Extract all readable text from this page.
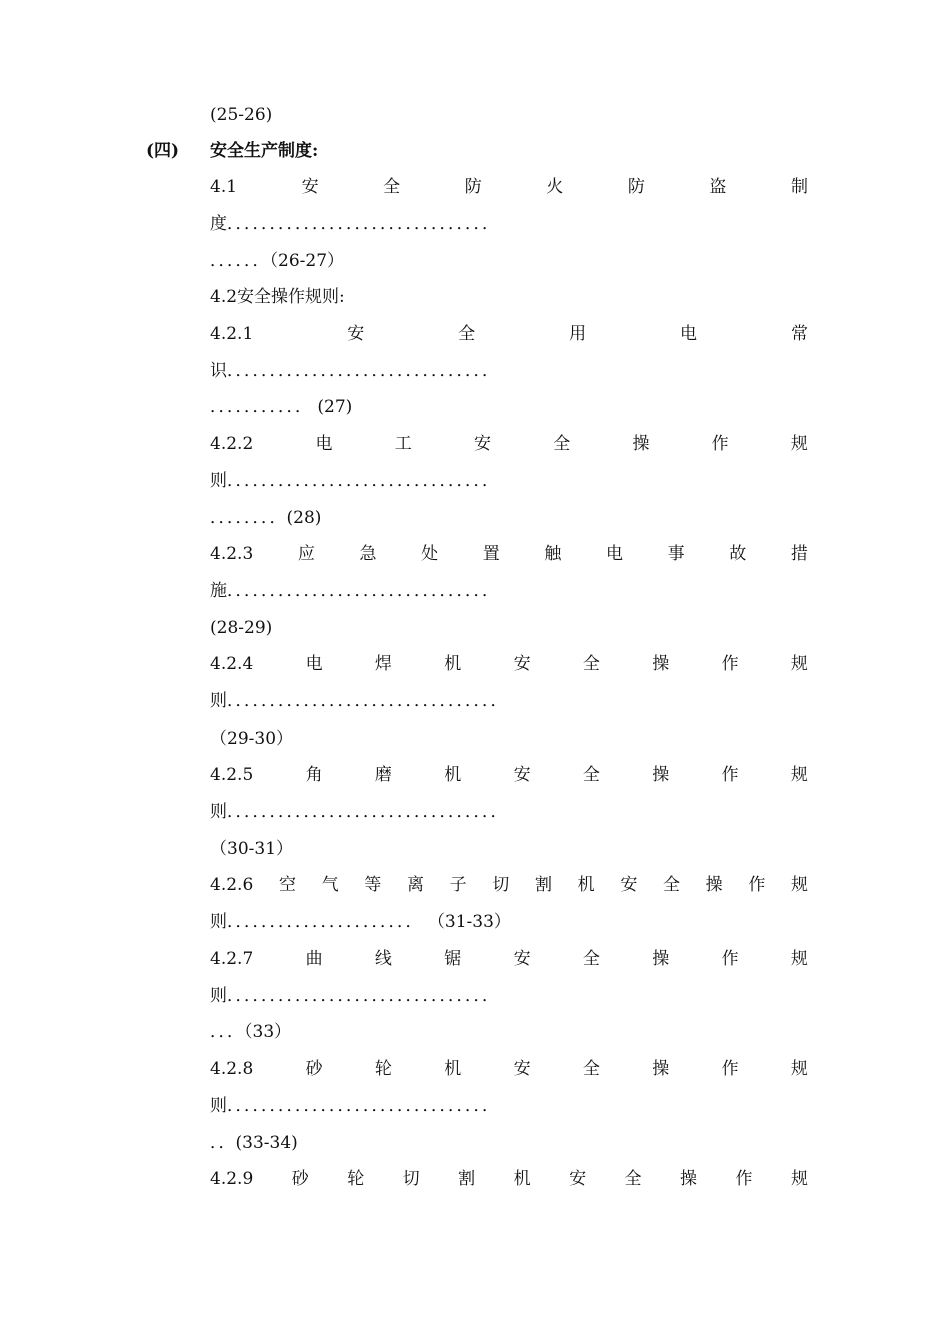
(25-26)
(四) 安全生产制度:
4.1	安	全	防	火	防	盗	制
度．．．．．．．．．．．．．．．．．．．．．．．．．．．．．．．
．．．．．．（26-27）
4.2安全操作规则:
4.2.1	安	全	用	电	常
识．．．．．．．．．．．．．．．．．．．．．．．．．．．．．．．
．．．．．．．．．．． (27)
4.2.2	电	工	安	全	操	作	规
则．．．．．．．．．．．．．．．．．．．．．．．．．．．．．．．
．．．．．．．．(28)
4.2.3	应	急	处	置	触	电	事	故	措
施．．．．．．．．．．．．．．．．．．．．．．．．．．．．．．．
(28-29)
4.2.4	电	焊	机	安	全	操	作	规
则．．．．．．．．．．．．．．．．．．．．．．．．．．．．．．．．
（29-30）
4.2.5	角	磨	机	安	全	操	作	规
则．．．．．．．．．．．．．．．．．．．．．．．．．．．．．．．．
（30-31）
4.2.6 空 气 等 离 子 切 割 机 安 全 操 作 规
则．．．．．．．．．．．．．．．．．．．．．． （31-33）
4.2.7	曲	线	锯	安	全	操	作	规
则．．．．．．．．．．．．．．．．．．．．．．．．．．．．．．．
．．．（33）
4.2.8	砂	轮	机	安	全	操	作	规
则．．．．．．．．．．．．．．．．．．．．．．．．．．．．．．．
．．(33-34)
4.2.9 砂 轮 切 割 机 安 全 操 作 规
